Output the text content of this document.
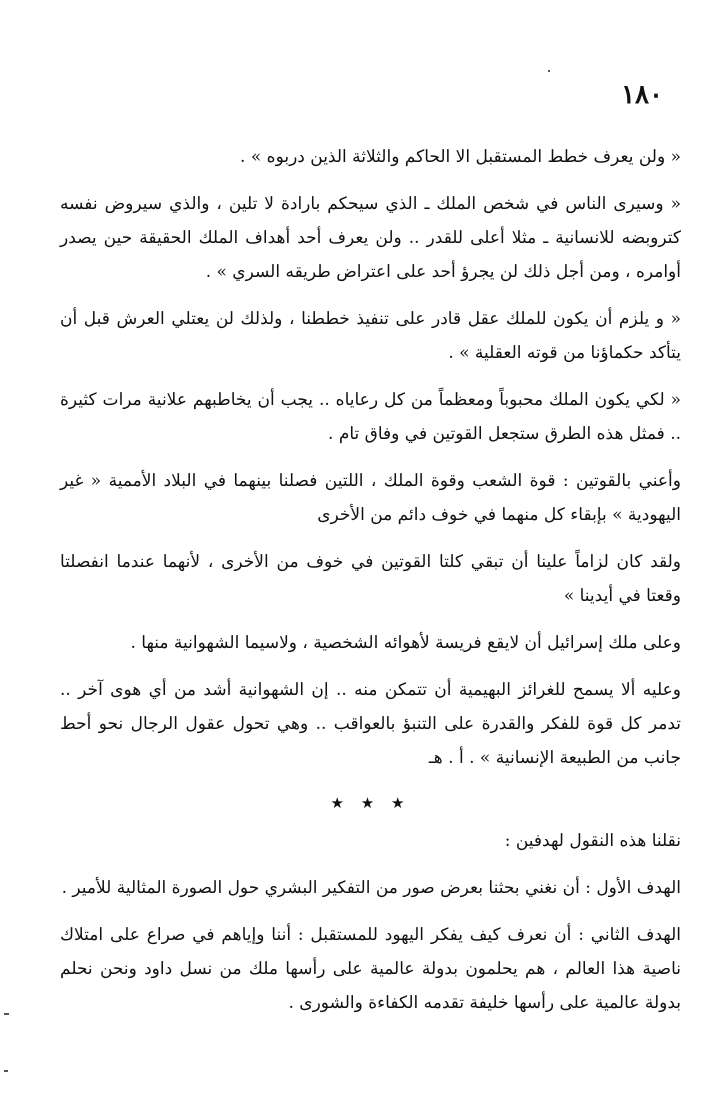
١٨٠

« ولن يعرف خطط المستقبل الا الحاكم والثلاثة الذين دربوه » .

« وسيرى الناس في شخص الملك ـ الذي سيحكم بارادة لا تلين ، والذي سيروض نفسه كتروبضه للانسانية ـ مثلا أعلى للقدر .. ولن يعرف أحد أهداف الملك الحقيقة حين يصدر أوامره ، ومن أجل ذلك لن يجرؤ أحد على اعتراض طريقه السري » .

« و يلزم أن يكون للملك عقل قادر على تنفيذ خططنا ، ولذلك لن يعتلي العرش قبل أن يتأكد حكماؤنا من قوته العقلية » .

« لكي يكون الملك محبوباً ومعظماً من كل رعاياه .. يجب أن يخاطبهم علانية مرات كثيرة .. فمثل هذه الطرق ستجعل القوتين في وفاق تام .

وأعني بالقوتين : قوة الشعب وقوة الملك ، اللتين فصلنا بينهما في البلاد الأممية « غير اليهودية » بإبقاء كل منهما في خوف دائم من الأخرى

ولقد كان لزاماً علينا أن تبقي كلتا القوتين في خوف من الأخرى ، لأنهما عندما انفصلتا وقعتا في أيدينا »

وعلى ملك إسرائيل أن لايقع فريسة لأهوائه الشخصية ، ولاسيما الشهوانية منها .

وعليه ألا يسمح للغرائز البهيمية أن تتمكن منه .. إن الشهوانية أشد من أي هوى آخر .. تدمر كل قوة للفكر والقدرة على التنبؤ بالعواقب .. وهي تحول عقول الرجال نحو أحط جانب من الطبيعة الإنسانية » . أ . هـ

★ ★ ★

نقلنا هذه النقول لهدفين :

الهدف الأول : أن نغني بحثنا بعرض صور من التفكير البشري حول الصورة المثالية للأمير .

الهدف الثاني : أن نعرف كيف يفكر اليهود للمستقبل : أننا وإياهم في صراع على امتلاك ناصية هذا العالم ، هم يحلمون بدولة عالمية على رأسها ملك من نسل داود ونحن نحلم بدولة عالمية على رأسها خليفة تقدمه الكفاءة والشورى .
